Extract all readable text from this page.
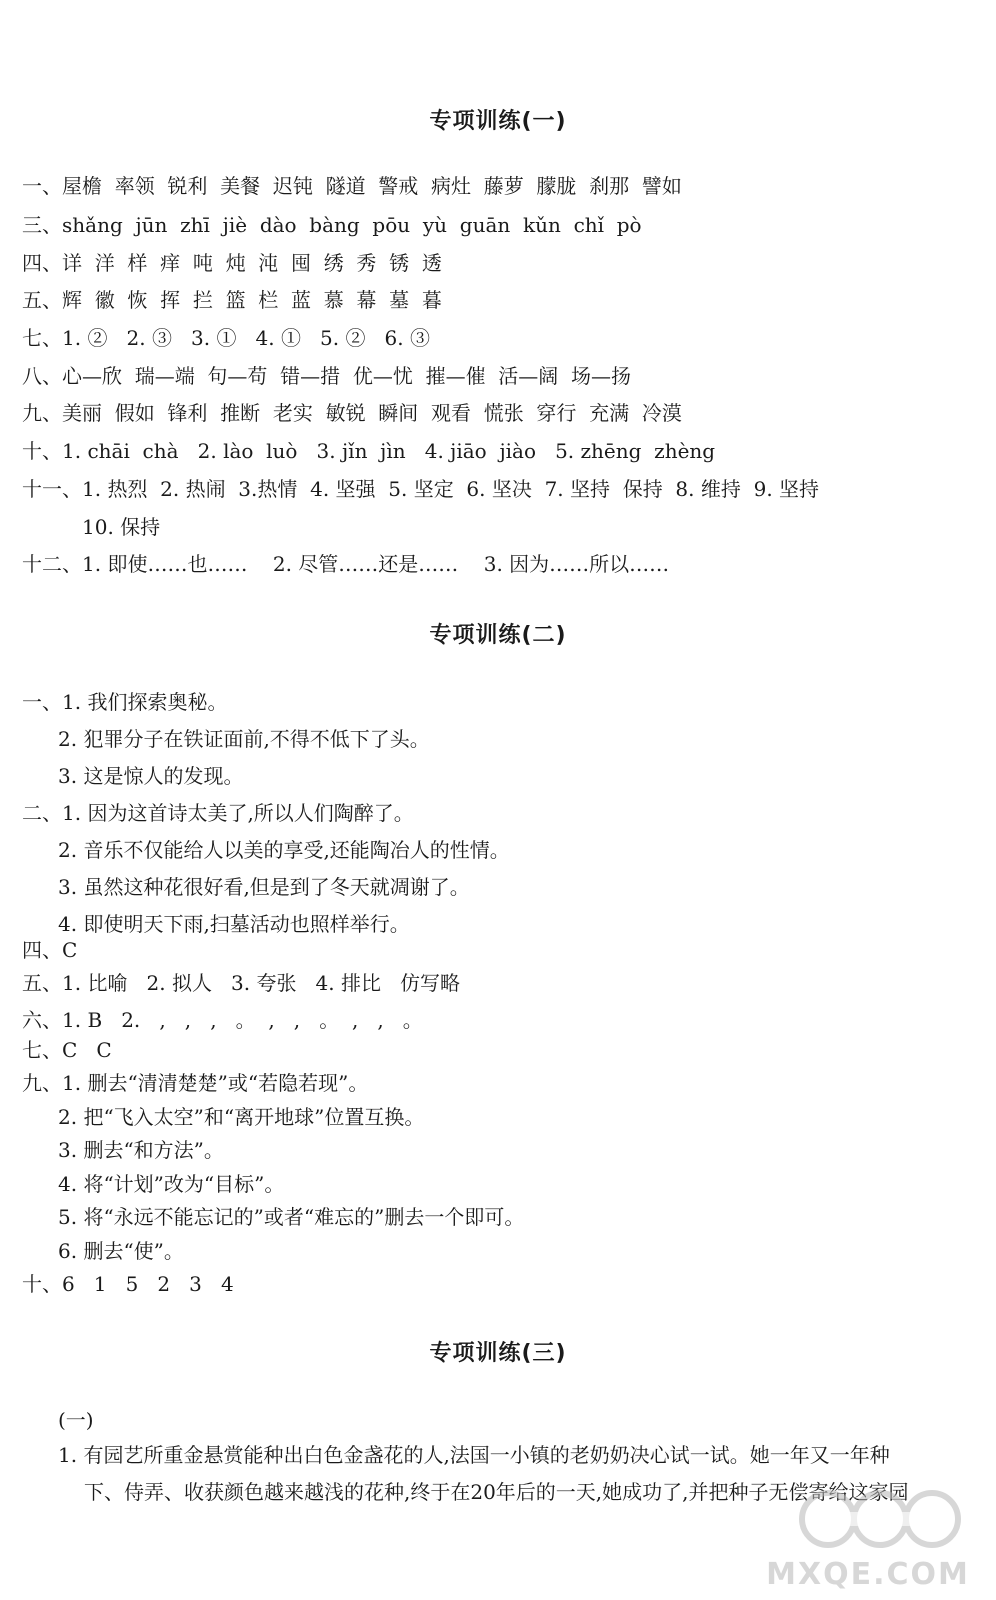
专项训练(一)
一、屋檐  率领  锐利  美餐  迟钝  隧道  警戒  病灶  藤萝  朦胧  刹那  譬如
三、shǎng  jūn  zhī  jiè  dào  bàng  pōu  yù  guān  kǔn  chǐ  pò
四、详  洋  样  痒  吨  炖  沌  囤  绣  秀  锈  透
五、辉  徽  恢  挥  拦  篮  栏  蓝  慕  幕  墓  暮
七、1. ②   2. ③   3. ①   4. ①   5. ②   6. ③
八、心—欣  瑞—端  句—苟  错—措  优—忧  摧—催  活—阔  场—扬
九、美丽  假如  锋利  推断  老实  敏锐  瞬间  观看  慌张  穿行  充满  冷漠
十、1. chāi  chà   2. lào  luò   3. jǐn  jìn   4. jiāo  jiào   5. zhēng  zhèng
十一、1. 热烈  2. 热闹  3.热情  4. 坚强  5. 坚定  6. 坚决  7. 坚持  保持  8. 维持  9. 坚持
10. 保持
十二、1. 即使……也……    2. 尽管……还是……    3. 因为……所以……
专项训练(二)
一、1. 我们探索奥秘。
2. 犯罪分子在铁证面前,不得不低下了头。
3. 这是惊人的发现。
二、1. 因为这首诗太美了,所以人们陶醉了。
2. 音乐不仅能给人以美的享受,还能陶冶人的性情。
3. 虽然这种花很好看,但是到了冬天就凋谢了。
4. 即使明天下雨,扫墓活动也照样举行。
四、C
五、1. 比喻   2. 拟人   3. 夸张   4. 排比   仿写略
六、1. B   2.   ,   ,   ,   。  ,   ,   。  ,   ,   。
七、C   C
九、1. 删去“清清楚楚”或“若隐若现”。
2. 把“飞入太空”和“离开地球”位置互换。
3. 删去“和方法”。
4. 将“计划”改为“目标”。
5. 将“永远不能忘记的”或者“难忘的”删去一个即可。
6. 删去“使”。
十、6   1   5   2   3   4
专项训练(三)
(一)
1. 有园艺所重金悬赏能种出白色金盏花的人,法国一小镇的老奶奶决心试一试。她一年又一年种
下、侍弄、收获颜色越来越浅的花种,终于在20年后的一天,她成功了,并把种子无偿寄给这家园
MXQE.COM
